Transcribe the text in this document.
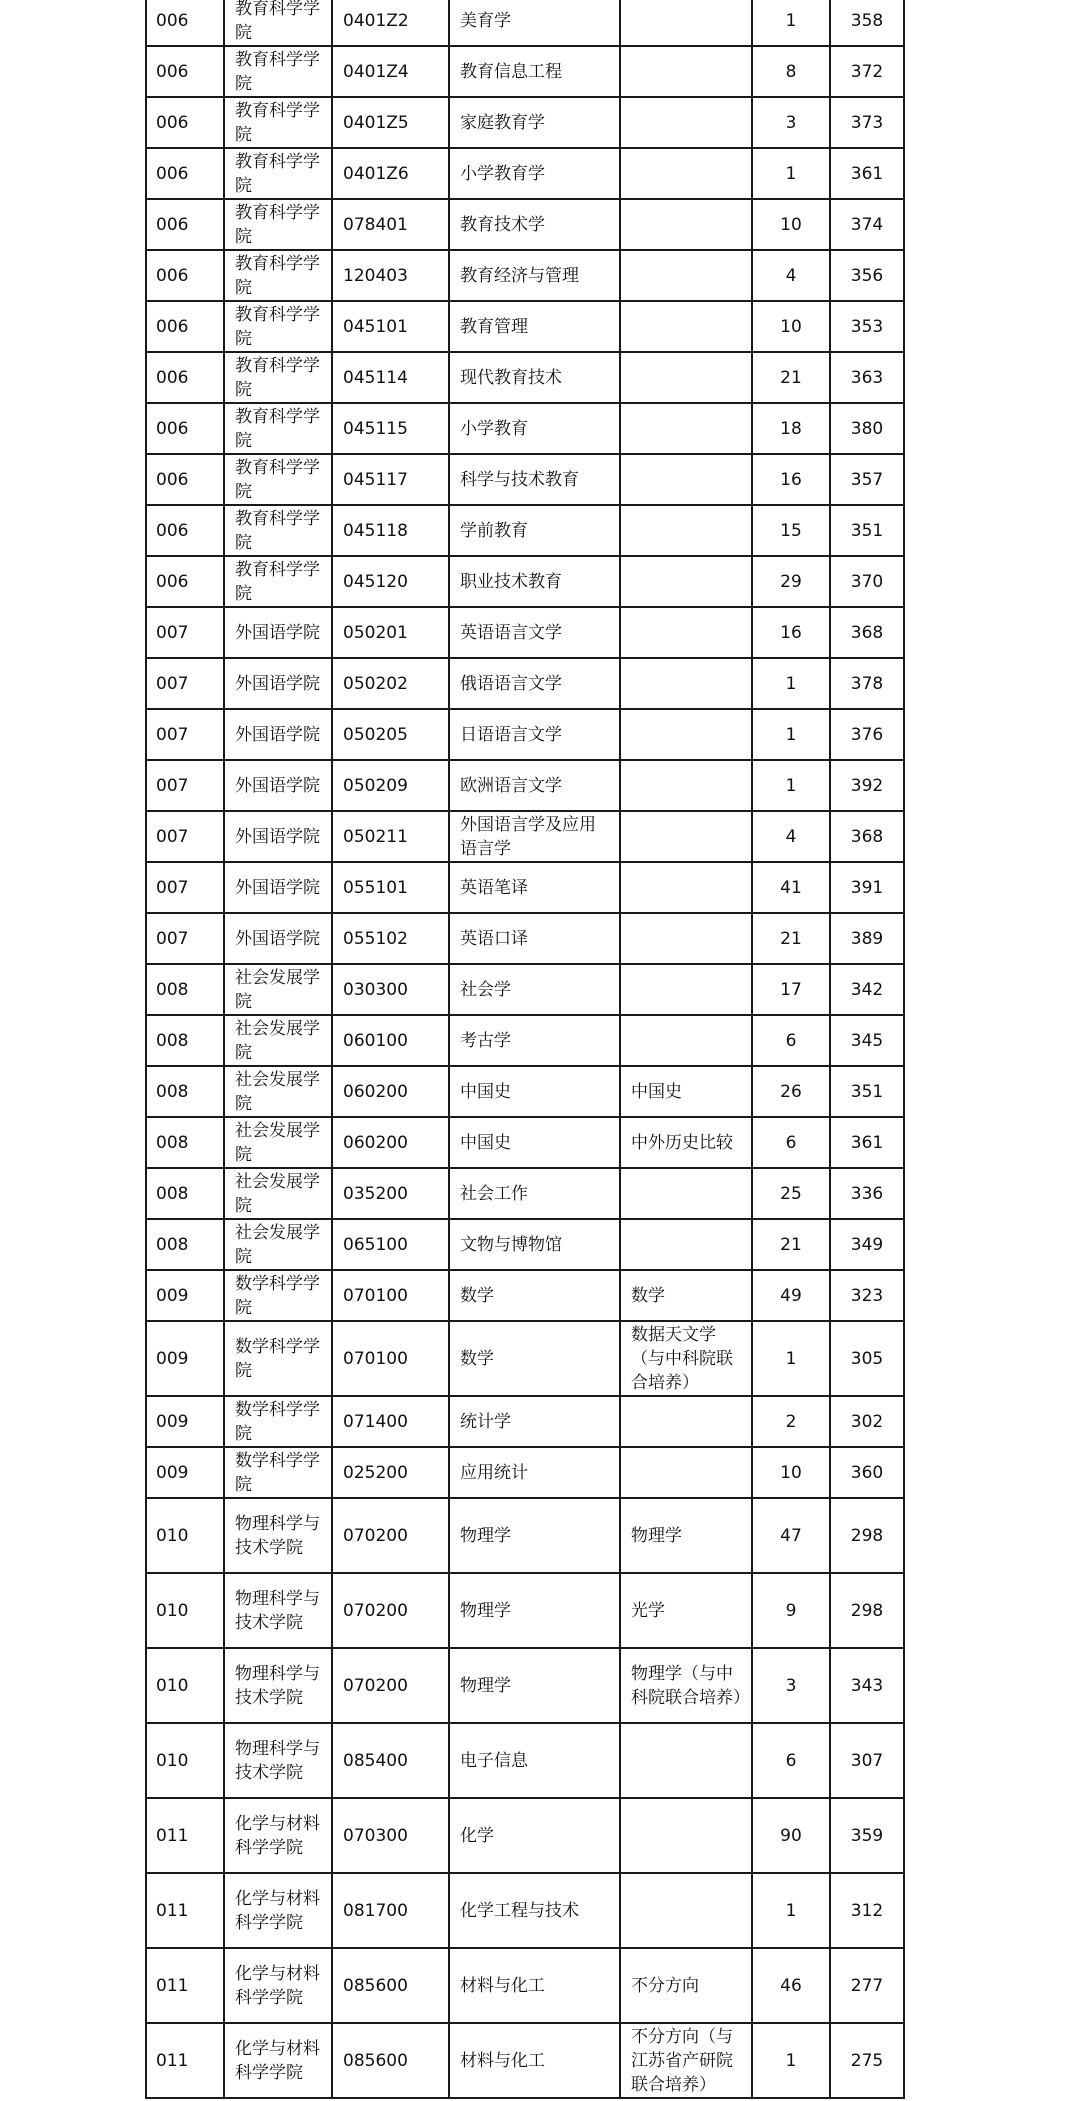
006	教育科学学院	0401Z2	美育学		1	358
006	教育科学学院	0401Z4	教育信息工程		8	372
006	教育科学学院	0401Z5	家庭教育学		3	373
006	教育科学学院	0401Z6	小学教育学		1	361
006	教育科学学院	078401	教育技术学		10	374
006	教育科学学院	120403	教育经济与管理		4	356
006	教育科学学院	045101	教育管理		10	353
006	教育科学学院	045114	现代教育技术		21	363
006	教育科学学院	045115	小学教育		18	380
006	教育科学学院	045117	科学与技术教育		16	357
006	教育科学学院	045118	学前教育		15	351
006	教育科学学院	045120	职业技术教育		29	370
007	外国语学院	050201	英语语言文学		16	368
007	外国语学院	050202	俄语语言文学		1	378
007	外国语学院	050205	日语语言文学		1	376
007	外国语学院	050209	欧洲语言文学		1	392
007	外国语学院	050211	外国语言学及应用语言学		4	368
007	外国语学院	055101	英语笔译		41	391
007	外国语学院	055102	英语口译		21	389
008	社会发展学院	030300	社会学		17	342
008	社会发展学院	060100	考古学		6	345
008	社会发展学院	060200	中国史	中国史	26	351
008	社会发展学院	060200	中国史	中外历史比较	6	361
008	社会发展学院	035200	社会工作		25	336
008	社会发展学院	065100	文物与博物馆		21	349
009	数学科学学院	070100	数学	数学	49	323
009	数学科学学院	070100	数学	数据天文学（与中科院联合培养）	1	305
009	数学科学学院	071400	统计学		2	302
009	数学科学学院	025200	应用统计		10	360
010	物理科学与技术学院	070200	物理学	物理学	47	298
010	物理科学与技术学院	070200	物理学	光学	9	298
010	物理科学与技术学院	070200	物理学	物理学（与中科院联合培养）	3	343
010	物理科学与技术学院	085400	电子信息		6	307
011	化学与材料科学学院	070300	化学		90	359
011	化学与材料科学学院	081700	化学工程与技术		1	312
011	化学与材料科学学院	085600	材料与化工	不分方向	46	277
011	化学与材料科学学院	085600	材料与化工	不分方向（与江苏省产研院联合培养）	1	275
